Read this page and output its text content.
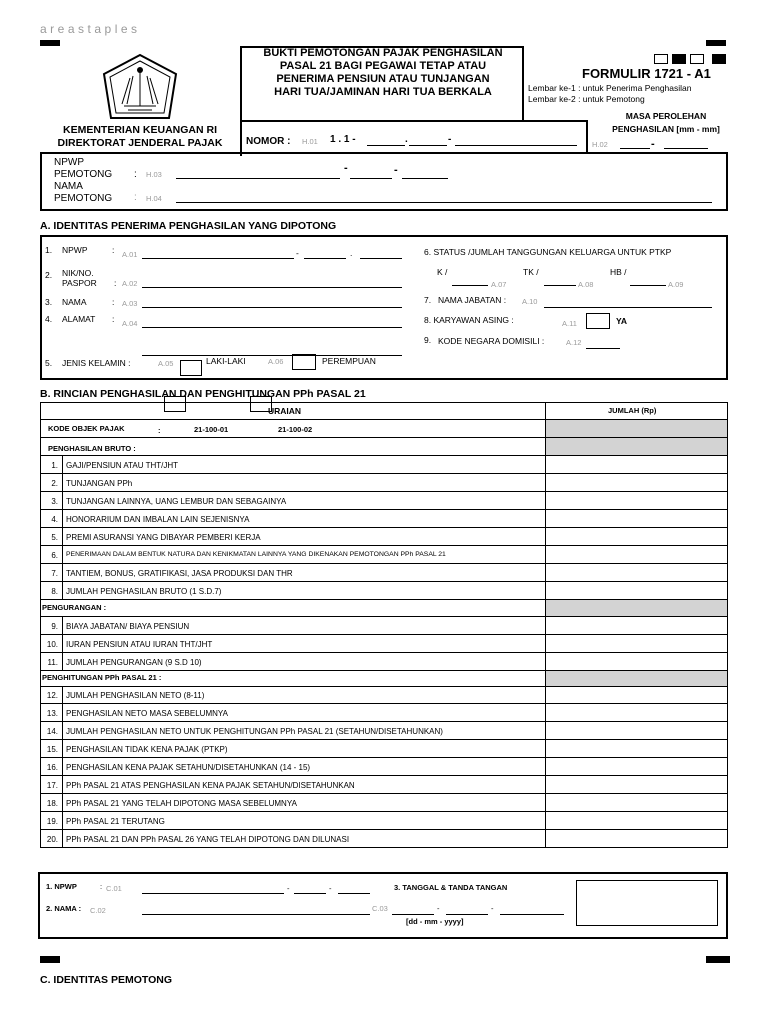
areastaples
BUKTI PEMOTONGAN PAJAK PENGHASILAN
PASAL 21 BAGI PEGAWAI TETAP ATAU
PENERIMA PENSIUN ATAU TUNJANGAN
HARI TUA/JAMINAN HARI TUA BERKALA
FORMULIR 1721 - A1
Lembar ke-1 : untuk Penerima Penghasilan
Lembar ke-2 : untuk Pemotong
MASA PEROLEHAN
PENGHASILAN [mm - mm]
KEMENTERIAN KEUANGAN RI
DIREKTORAT JENDERAL PAJAK	NOMOR : H.01 1 . 1 -	.	-	H.02	-
NPWP
PEMOTONG : H.03
-	-
NAMA
PEMOTONG : H.04
A. IDENTITAS PENERIMA PENGHASILAN YANG DIPOTONG
1. NPWP	: A.01	-	.
2. NIK/NO.
PASPOR : A.02
3. NAMA	: A.03
4. ALAMAT : A.04
5. JENIS KELAMIN :	A.05	LAKI-LAKI	A.06	PEREMPUAN
6. STATUS /JUMLAH TANGGUNGAN KELUARGA UNTUK PTKP
K /	TK /	HB /
A.07	A.08	A.09
7. NAMA JABATAN : A.10
8. KARYAWAN ASING :	A.11	YA
9. KODE NEGARA DOMISILI :	A.12
B. RINCIAN PENGHASILAN DAN PENGHITUNGAN PPh PASAL 21
URAIAN	JUMLAH (Rp)
KODE OBJEK PAJAK	:	21-100-01	21-100-02
PENGHASILAN BRUTO :
PENGURANGAN :
PENGHITUNGAN PPh PASAL 21 :
1. GAJI/PENSIUN ATAU THT/JHT
2. TUNJANGAN PPh
3. TUNJANGAN LAINNYA, UANG LEMBUR DAN SEBAGAINYA
4. HONORARIUM DAN IMBALAN LAIN SEJENISNYA
5. PREMI ASURANSI YANG DIBAYAR PEMBERI KERJA
6. PENERIMAAN DALAM BENTUK NATURA DAN KENIKMATAN LAINNYA YANG DIKENAKAN PEMOTONGAN PPh PASAL 21
7. TANTIEM, BONUS, GRATIFIKASI, JASA PRODUKSI DAN THR
8. JUMLAH PENGHASILAN BRUTO (1 S.D.7)
9. BIAYA JABATAN/ BIAYA PENSIUN
10. IURAN PENSIUN ATAU IURAN THT/JHT
11. JUMLAH PENGURANGAN (9 S.D 10)
12. JUMLAH PENGHASILAN NETO (8-11)
13. PENGHASILAN NETO MASA SEBELUMNYA
14. JUMLAH PENGHASILAN NETO UNTUK PENGHITUNGAN PPh PASAL 21 (SETAHUN/DISETAHUNKAN)
15. PENGHASILAN TIDAK KENA PAJAK (PTKP)
16. PENGHASILAN KENA PAJAK SETAHUN/DISETAHUNKAN (14 - 15)
17. PPh PASAL 21 ATAS PENGHASILAN KENA PAJAK SETAHUN/DISETAHUNKAN
18. PPh PASAL 21 YANG TELAH DIPOTONG MASA SEBELUMNYA
19. PPh PASAL 21 TERUTANG
20. PPh PASAL 21 DAN PPh PASAL 26 YANG TELAH DIPOTONG DAN DILUNASI
1. NPWP	: C.01	-	-	3. TANGGAL & TANDA TANGAN
2. NAMA : C.02	C.03	-	-
[dd - mm - yyyy]
C. IDENTITAS PEMOTONG
